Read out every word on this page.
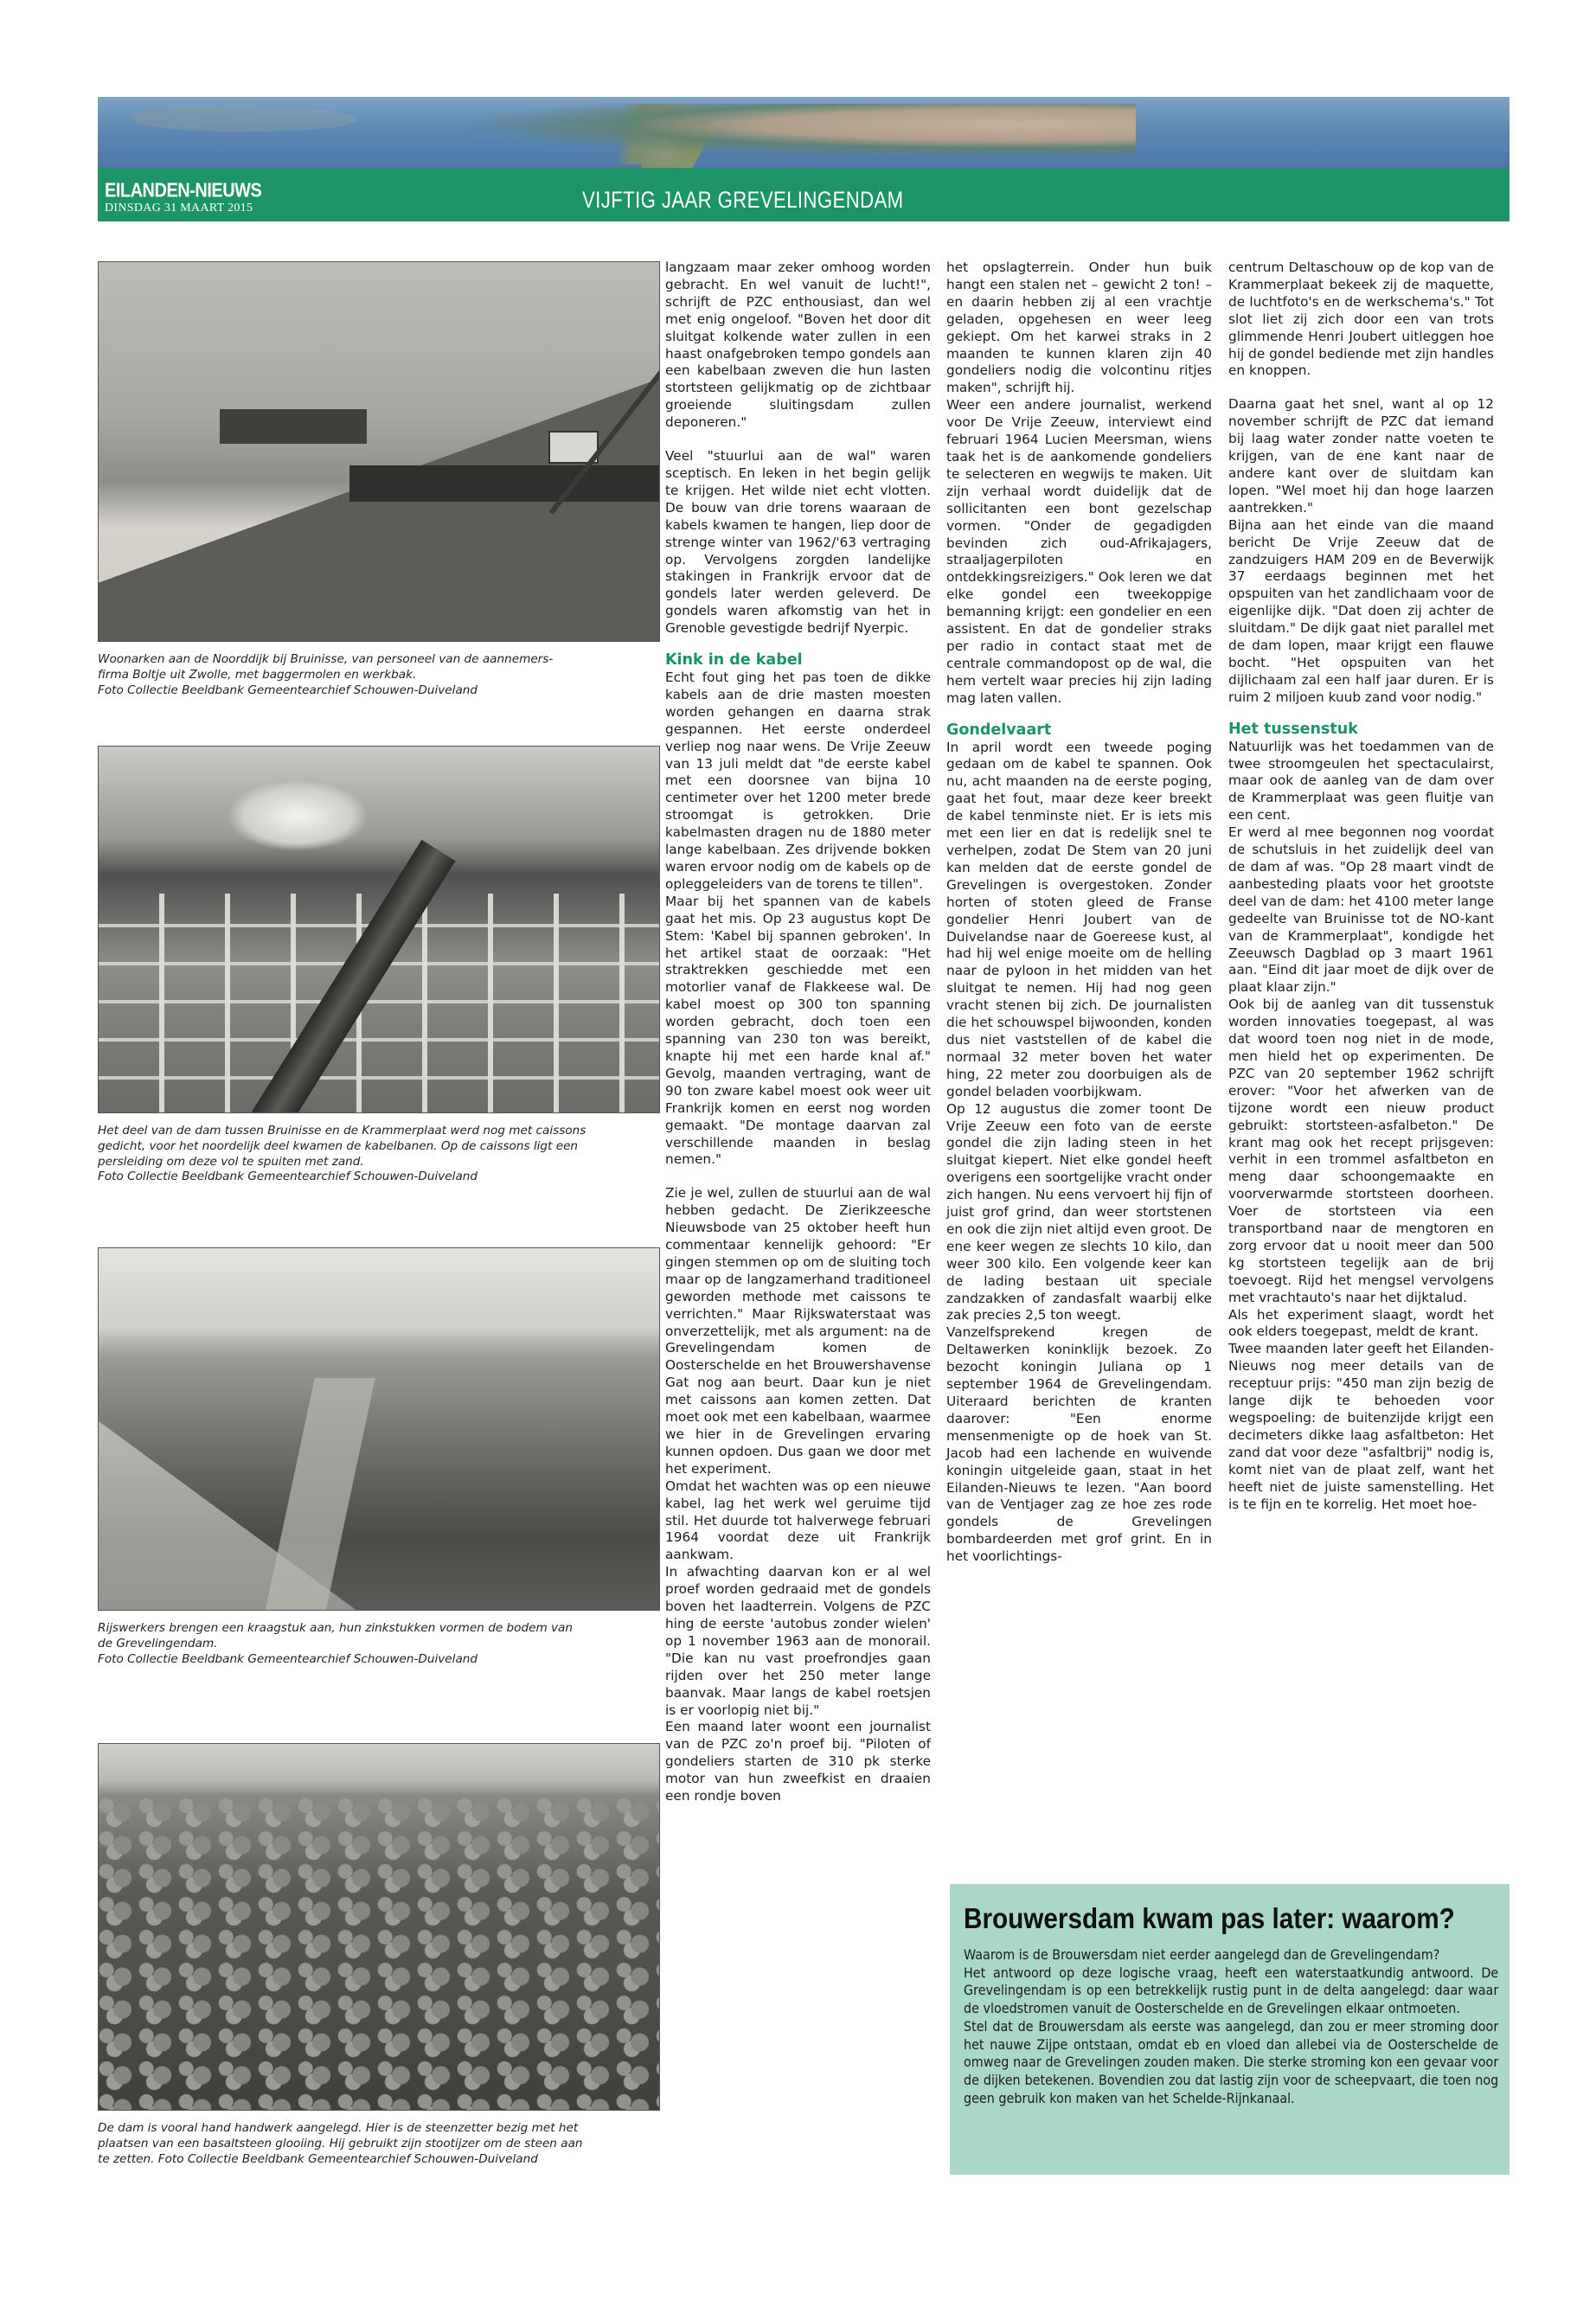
EILANDEN-NIEUWS
DINSDAG 31 MAART 2015	VIJFTIG JAAR GREVELINGENDAM
Woonarken aan de Noorddijk bij Bruinisse, van personeel van de aannemers-
firma Boltje uit Zwolle, met baggermolen en werkbak.
Foto Collectie Beeldbank Gemeentearchief Schouwen-Duiveland
Het deel van de dam tussen Bruinisse en de Krammerplaat werd nog met caissons
gedicht, voor het noordelijk deel kwamen de kabelbanen. Op de caissons ligt een
persleiding om deze vol te spuiten met zand.
Foto Collectie Beeldbank Gemeentearchief Schouwen-Duiveland
Rijswerkers brengen een kraagstuk aan, hun zinkstukken vormen de bodem van
de Grevelingendam.
Foto Collectie Beeldbank Gemeentearchief Schouwen-Duiveland
De dam is vooral hand handwerk aangelegd. Hier is de steenzetter bezig met het
plaatsen van een basaltsteen glooiing. Hij gebruikt zijn stootijzer om de steen aan
te zetten. Foto Collectie Beeldbank Gemeentearchief Schouwen-Duiveland

langzaam maar zeker omhoog worden gebracht. En wel vanuit de lucht!", schrijft de PZC enthousiast, dan wel met enig ongeloof. "Boven het door dit sluitgat kolkende water zullen in een haast onafgebroken tempo gondels aan een kabelbaan zweven die hun lasten stortsteen gelijkmatig op de zichtbaar groeiende sluitingsdam zullen deponeren."

Veel "stuurlui aan de wal" waren sceptisch. En leken in het begin gelijk te krijgen. Het wilde niet echt vlotten. De bouw van drie torens waaraan de kabels kwamen te hangen, liep door de strenge winter van 1962/'63 vertraging op. Vervolgens zorgden landelijke stakingen in Frankrijk ervoor dat de gondels later werden geleverd. De gondels waren afkomstig van het in Grenoble gevestigde bedrijf Nyerpic.

Kink in de kabel

Echt fout ging het pas toen de dikke kabels aan de drie masten moesten worden gehangen en daarna strak gespannen. Het eerste onderdeel verliep nog naar wens. De Vrije Zeeuw van 13 juli meldt dat "de eerste kabel met een doorsnee van bijna 10 centimeter over het 1200 meter brede stroomgat is getrokken. Drie kabelmasten dragen nu de 1880 meter lange kabelbaan. Zes drijvende bokken waren ervoor nodig om de kabels op de opleggeleiders van de torens te tillen".

Maar bij het spannen van de kabels gaat het mis. Op 23 augustus kopt De Stem: 'Kabel bij spannen gebroken'. In het artikel staat de oorzaak: "Het straktrekken geschiedde met een motorlier vanaf de Flakkeese wal. De kabel moest op 300 ton spanning worden gebracht, doch toen een spanning van 230 ton was bereikt, knapte hij met een harde knal af." Gevolg, maanden vertraging, want de 90 ton zware kabel moest ook weer uit Frankrijk komen en eerst nog worden gemaakt. "De montage daarvan zal verschillende maanden in beslag nemen."

Zie je wel, zullen de stuurlui aan de wal hebben gedacht. De Zierikzeesche Nieuwsbode van 25 oktober heeft hun commentaar kennelijk gehoord: "Er gingen stemmen op om de sluiting toch maar op de langzamerhand traditioneel geworden methode met caissons te verrichten." Maar Rijkswaterstaat was onverzettelijk, met als argument: na de Grevelingendam komen de Oosterschelde en het Brouwershavense Gat nog aan beurt. Daar kun je niet met caissons aan komen zetten. Dat moet ook met een kabelbaan, waarmee we hier in de Grevelingen ervaring kunnen opdoen. Dus gaan we door met het experiment.

Omdat het wachten was op een nieuwe kabel, lag het werk wel geruime tijd stil. Het duurde tot halverwege februari 1964 voordat deze uit Frankrijk aankwam.

In afwachting daarvan kon er al wel proef worden gedraaid met de gondels boven het laadterrein. Volgens de PZC hing de eerste 'autobus zonder wielen' op 1 november 1963 aan de monorail. "Die kan nu vast proefrondjes gaan rijden over het 250 meter lange baanvak. Maar langs de kabel roetsjen is er voorlopig niet bij."

Een maand later woont een journalist van de PZC zo'n proef bij. "Piloten of gondeliers starten de 310 pk sterke motor van hun zweefkist en draaien een rondje boven

het opslagterrein. Onder hun buik hangt een stalen net – gewicht 2 ton! – en daarin hebben zij al een vrachtje geladen, opgehesen en weer leeg gekiept. Om het karwei straks in 2 maanden te kunnen klaren zijn 40 gondeliers nodig die volcontinu ritjes maken", schrijft hij.

Weer een andere journalist, werkend voor De Vrije Zeeuw, interviewt eind februari 1964 Lucien Meersman, wiens taak het is de aankomende gondeliers te selecteren en wegwijs te maken. Uit zijn verhaal wordt duidelijk dat de sollicitanten een bont gezelschap vormen. "Onder de gegadigden bevinden zich oud-Afrikajagers, straaljagerpiloten en ontdekkingsreizigers." Ook leren we dat elke gondel een tweekoppige bemanning krijgt: een gondelier en een assistent. En dat de gondelier straks per radio in contact staat met de centrale commandopost op de wal, die hem vertelt waar precies hij zijn lading mag laten vallen.

Gondelvaart

In april wordt een tweede poging gedaan om de kabel te spannen. Ook nu, acht maanden na de eerste poging, gaat het fout, maar deze keer breekt de kabel tenminste niet. Er is iets mis met een lier en dat is redelijk snel te verhelpen, zodat De Stem van 20 juni kan melden dat de eerste gondel de Grevelingen is overgestoken. Zonder horten of stoten gleed de Franse gondelier Henri Joubert van de Duivelandse naar de Goereese kust, al had hij wel enige moeite om de helling naar de pyloon in het midden van het sluitgat te nemen. Hij had nog geen vracht stenen bij zich. De journalisten die het schouwspel bijwoonden, konden dus niet vaststellen of de kabel die normaal 32 meter boven het water hing, 22 meter zou doorbuigen als de gondel beladen voorbijkwam.

Op 12 augustus die zomer toont De Vrije Zeeuw een foto van de eerste gondel die zijn lading steen in het sluitgat kiepert. Niet elke gondel heeft overigens een soortgelijke vracht onder zich hangen. Nu eens vervoert hij fijn of juist grof grind, dan weer stortstenen en ook die zijn niet altijd even groot. De ene keer wegen ze slechts 10 kilo, dan weer 300 kilo. Een volgende keer kan de lading bestaan uit speciale zandzakken of zandasfalt waarbij elke zak precies 2,5 ton weegt.

Vanzelfsprekend kregen de Deltawerken koninklijk bezoek. Zo bezocht koningin Juliana op 1 september 1964 de Grevelingendam. Uiteraard berichten de kranten daarover: "Een enorme mensenmenigte op de hoek van St. Jacob had een lachende en wuivende koningin uitgeleide gaan, staat in het Eilanden-Nieuws te lezen. "Aan boord van de Ventjager zag ze hoe zes rode gondels de Grevelingen bombardeerden met grof grint. En in het voorlichtings-

centrum Deltaschouw op de kop van de Krammerplaat bekeek zij de maquette, de luchtfoto's en de werkschema's." Tot slot liet zij zich door een van trots glimmende Henri Joubert uitleggen hoe hij de gondel bediende met zijn handles en knoppen.

Daarna gaat het snel, want al op 12 november schrijft de PZC dat iemand bij laag water zonder natte voeten te krijgen, van de ene kant naar de andere kant over de sluitdam kan lopen. "Wel moet hij dan hoge laarzen aantrekken."

Bijna aan het einde van die maand bericht De Vrije Zeeuw dat de zandzuigers HAM 209 en de Beverwijk 37 eerdaags beginnen met het opspuiten van het zandlichaam voor de eigenlijke dijk. "Dat doen zij achter de sluitdam." De dijk gaat niet parallel met de dam lopen, maar krijgt een flauwe bocht. "Het opspuiten van het dijlichaam zal een half jaar duren. Er is ruim 2 miljoen kuub zand voor nodig."

Het tussenstuk

Natuurlijk was het toedammen van de twee stroomgeulen het spectaculairst, maar ook de aanleg van de dam over de Krammerplaat was geen fluitje van een cent.

Er werd al mee begonnen nog voordat de schutsluis in het zuidelijk deel van de dam af was. "Op 28 maart vindt de aanbesteding plaats voor het grootste deel van de dam: het 4100 meter lange gedeelte van Bruinisse tot de NO-kant van de Krammerplaat", kondigde het Zeeuwsch Dagblad op 3 maart 1961 aan. "Eind dit jaar moet de dijk over de plaat klaar zijn."

Ook bij de aanleg van dit tussenstuk worden innovaties toegepast, al was dat woord toen nog niet in de mode, men hield het op experimenten. De PZC van 20 september 1962 schrijft erover: "Voor het afwerken van de tijzone wordt een nieuw product gebruikt: stortsteen-asfalbeton." De krant mag ook het recept prijsgeven: verhit in een trommel asfaltbeton en meng daar schoongemaakte en voorverwarmde stortsteen doorheen. Voer de stortsteen via een transportband naar de mengtoren en zorg ervoor dat u nooit meer dan 500 kg stortsteen tegelijk aan de brij toevoegt. Rijd het mengsel vervolgens met vrachtauto's naar het dijktalud.

Als het experiment slaagt, wordt het ook elders toegepast, meldt de krant.

Twee maanden later geeft het Eilanden-Nieuws nog meer details van de receptuur prijs: "450 man zijn bezig de lange dijk te behoeden voor wegspoeling: de buitenzijde krijgt een decimeters dikke laag asfaltbeton: Het zand dat voor deze "asfaltbrij" nodig is, komt niet van de plaat zelf, want het heeft niet de juiste samenstelling. Het is te fijn en te korrelig. Het moet hoe-

Brouwersdam kwam pas later: waarom?

Waarom is de Brouwersdam niet eerder aangelegd dan de Grevelingendam?

Het antwoord op deze logische vraag, heeft een waterstaatkundig antwoord. De Grevelingendam is op een betrekkelijk rustig punt in de delta aangelegd: daar waar de vloedstromen vanuit de Oosterschelde en de Grevelingen elkaar ontmoeten.

Stel dat de Brouwersdam als eerste was aangelegd, dan zou er meer stroming door het nauwe Zijpe ontstaan, omdat eb en vloed dan allebei via de Oosterschelde de omweg naar de Grevelingen zouden maken. Die sterke stroming kon een gevaar voor de dijken betekenen. Bovendien zou dat lastig zijn voor de scheepvaart, die toen nog geen gebruik kon maken van het Schelde-Rijnkanaal.
